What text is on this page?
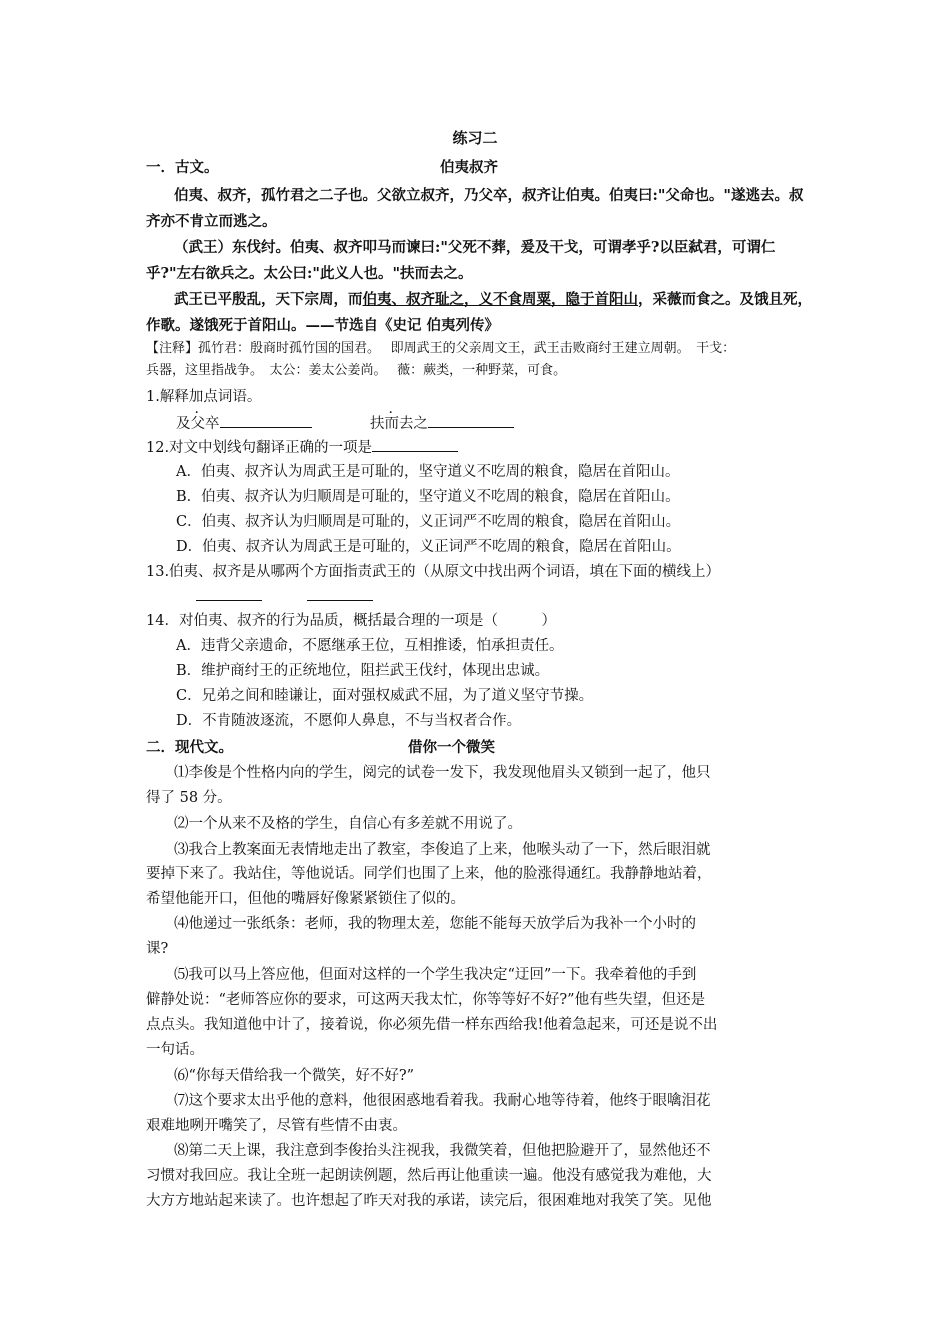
练习二
一．古文。	伯夷叔齐
伯夷、叔齐，孤竹君之二子也。父欲立叔齐，乃父卒，叔齐让伯夷。伯夷曰:"父命也。"遂逃去。叔
齐亦不肯立而逃之。
（武王）东伐纣。伯夷、叔齐叩马而谏曰:"父死不葬，爰及干戈，可谓孝乎?以臣弑君，可谓仁
乎?"左右欲兵之。太公曰:"此义人也。"扶而去之。
武王已平殷乱，天下宗周，而伯夷、叔齐耻之，义不食周粟，隐于首阳山，采薇而食之。及饿且死，
作歌。遂饿死于首阳山。——节选自《史记 伯夷列传》
【注释】孤竹君：殷商时孤竹国的国君。　 即周武王的父亲周文王，武王击败商纣王建立周朝。　干戈：
兵器，这里指战争。　太公：姜太公姜尚。　 薇：蕨类，一种野菜，可食。
1.解释加点词语。
及父卒	扶而去之
12.对文中划线句翻译正确的一项是
A．伯夷、叔齐认为周武王是可耻的，坚守道义不吃周的粮食，隐居在首阳山。
B．伯夷、叔齐认为归顺周是可耻的，坚守道义不吃周的粮食，隐居在首阳山。
C．伯夷、叔齐认为归顺周是可耻的，义正词严不吃周的粮食，隐居在首阳山。
D．伯夷、叔齐认为周武王是可耻的，义正词严不吃周的粮食，隐居在首阳山。
13.伯夷、叔齐是从哪两个方面指责武王的（从原文中找出两个词语，填在下面的横线上）

14．对伯夷、叔齐的行为品质，概括最合理的一项是（　　　）
A．违背父亲遗命，不愿继承王位，互相推诿，怕承担责任。
B．维护商纣王的正统地位，阻拦武王伐纣，体现出忠诚。
C．兄弟之间和睦谦让，面对强权威武不屈，为了道义坚守节操。
D．不肯随波逐流，不愿仰人鼻息，不与当权者合作。
二．现代文。	借你一个微笑
⑴李俊是个性格内向的学生，阅完的试卷一发下，我发现他眉头又锁到一起了，他只
得了 58 分。
⑵一个从来不及格的学生，自信心有多差就不用说了。
⑶我合上教案面无表情地走出了教室，李俊追了上来，他喉头动了一下，然后眼泪就
要掉下来了。我站住，等他说话。同学们也围了上来，他的脸涨得通红。我静静地站着，
希望他能开口，但他的嘴唇好像紧紧锁住了似的。
⑷他递过一张纸条：老师，我的物理太差，您能不能每天放学后为我补一个小时的
课?
⑸我可以马上答应他，但面对这样的一个学生我决定“迂回”一下。我牵着他的手到
僻静处说：“老师答应你的要求，可这两天我太忙，你等等好不好?”他有些失望，但还是
点点头。我知道他中计了，接着说，你必须先借一样东西给我!他着急起来，可还是说不出
一句话。
⑹“你每天借给我一个微笑，好不好?”
⑺这个要求太出乎他的意料，他很困惑地看着我。我耐心地等待着，他终于眼噙泪花
艰难地咧开嘴笑了，尽管有些情不由衷。
⑻第二天上课，我注意到李俊抬头注视我，我微笑着，但他把脸避开了，显然他还不
习惯对我回应。我让全班一起朗读例题，然后再让他重读一遍。他没有感觉我为难他，大
大方方地站起来读了。也许想起了昨天对我的承诺，读完后，很困难地对我笑了笑。见他
